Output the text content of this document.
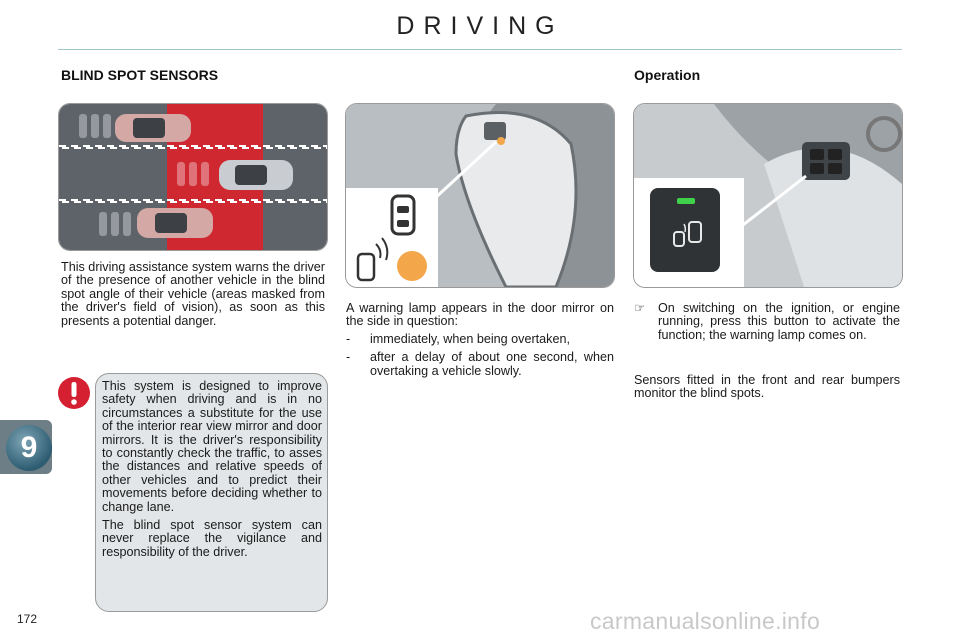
DRIVING
BLIND SPOT SENSORS
This driving assistance system warns the driver of the presence of another vehicle in the blind spot angle of their vehicle (areas masked from the driver's field of vision), as soon as this presents a potential danger.

This system is designed to improve safety when driving and is in no circumstances a substitute for the use of the interior rear view mirror and door mirrors. It is the driver's responsibility to constantly check the traffic, to asses the distances and relative speeds of other vehicles and to predict their movements before deciding whether to change lane.

The blind spot sensor system can never replace the vigilance and responsibility of the driver.

A warning lamp appears in the door mirror on the side in question:
- immediately, when being overtaken,
- after a delay of about one second, when overtaking a vehicle slowly.
Operation
☞	On switching on the ignition, or engine running, press this button to activate the function; the warning lamp comes on.
Sensors fitted in the front and rear bumpers monitor the blind spots.
9
172	carmanualsonline.info
